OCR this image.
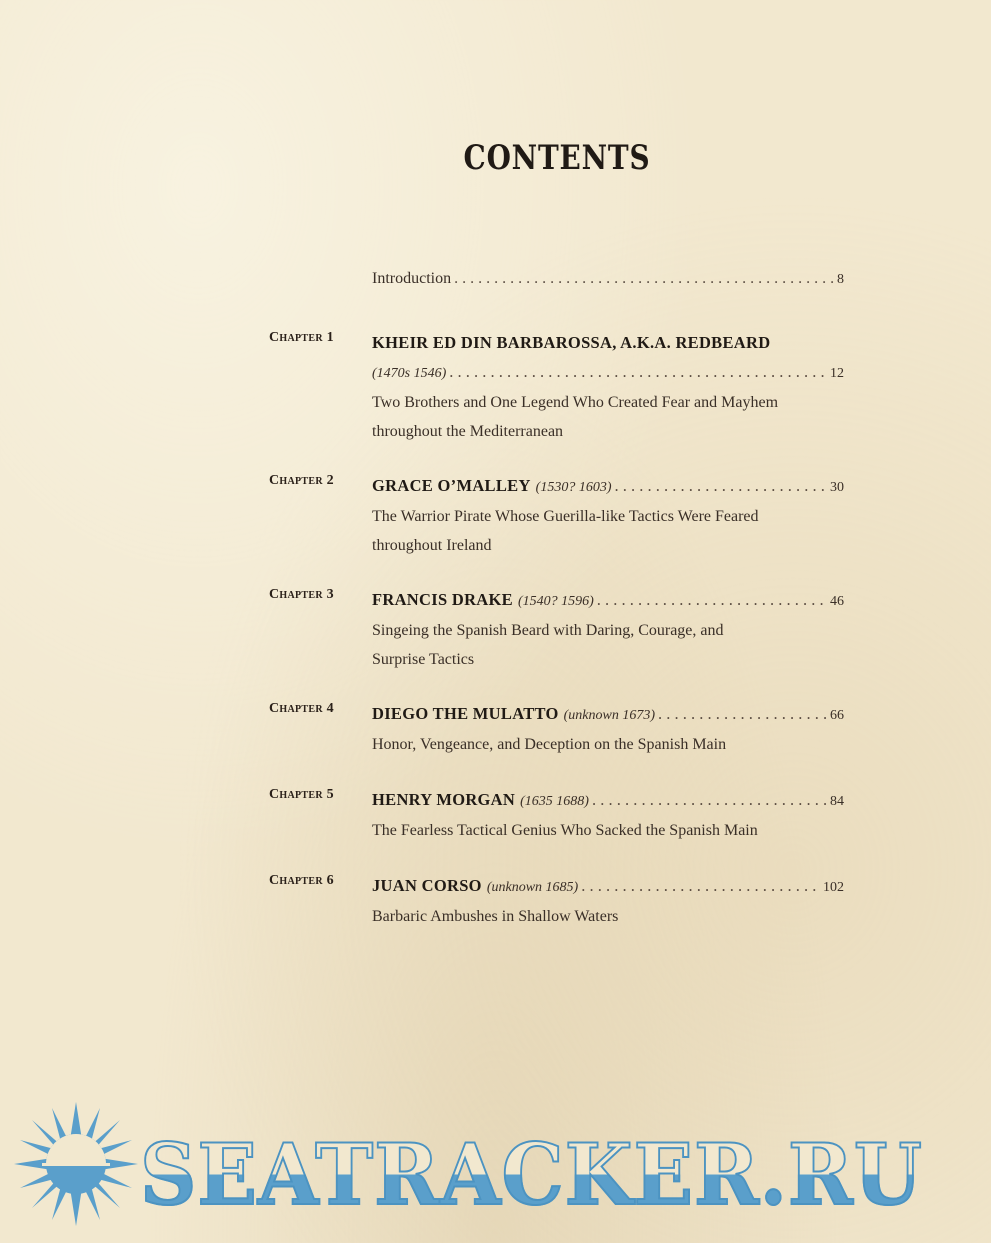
CONTENTS
Introduction . . .	8
Chapter 1 KHEIR ED DIN BARBAROSSA, A.K.A. REDBEARD
(1470s 1546) . . .	12
Two Brothers and One Legend Who Created Fear and Mayhem
throughout the Mediterranean
Chapter 2 GRACE O’MALLEY (1530? 1603) . . .	30
The Warrior Pirate Whose Guerilla-like Tactics Were Feared
throughout Ireland
Chapter 3 FRANCIS DRAKE (1540? 1596) . . .	46
Singeing the Spanish Beard with Daring, Courage, and
Surprise Tactics
Chapter 4 DIEGO THE MULATTO (unknown 1673) . . .	66
Honor, Vengeance, and Deception on the Spanish Main
Chapter 5 HENRY MORGAN (1635 1688) . . .	84
The Fearless Tactical Genius Who Sacked the Spanish Main
Chapter 6 JUAN CORSO (unknown 1685) . . .	102
Barbaric Ambushes in Shallow Waters
SEATRACKER.RU
